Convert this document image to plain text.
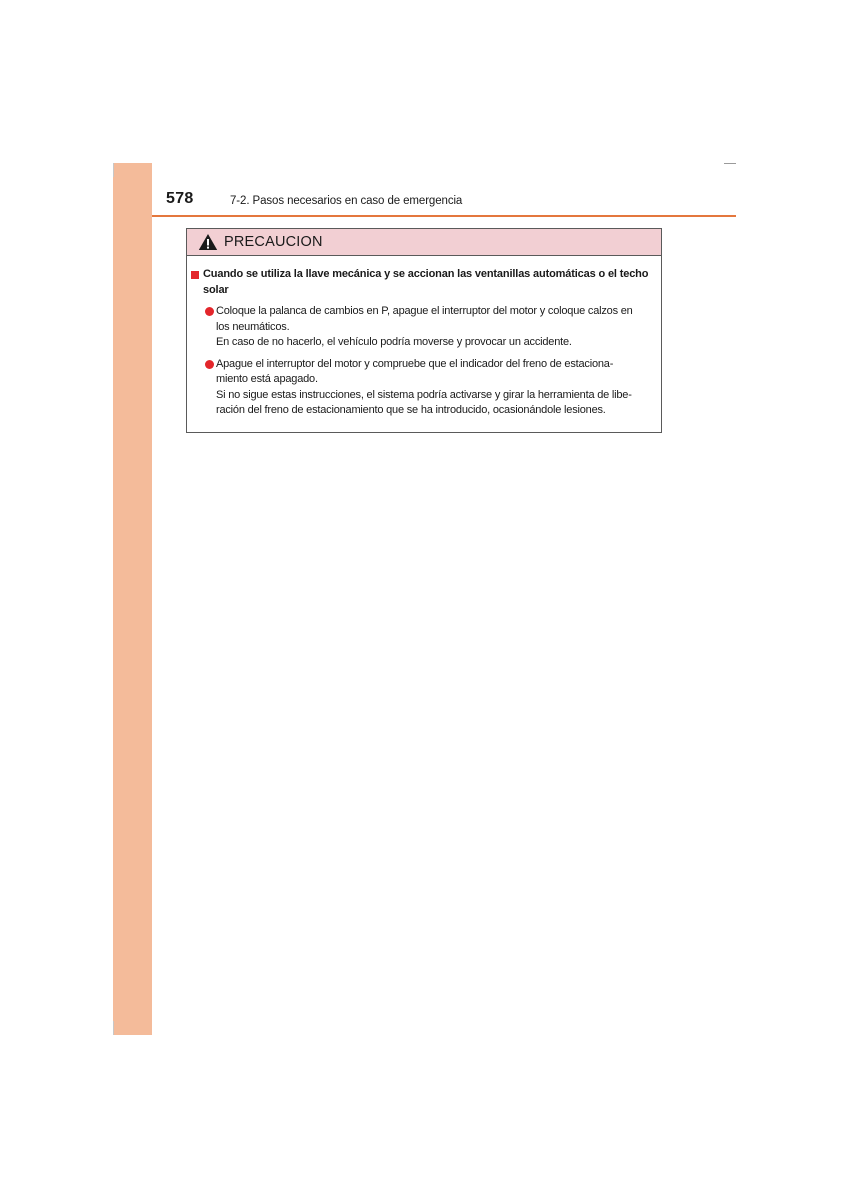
578	7-2. Pasos necesarios en caso de emergencia
PRECAUCION
Cuando se utiliza la llave mecánica y se accionan las ventanillas automáticas o el techo
solar
Coloque la palanca de cambios en P, apague el interruptor del motor y coloque calzos en
los neumáticos.
En caso de no hacerlo, el vehículo podría moverse y provocar un accidente.
Apague el interruptor del motor y compruebe que el indicador del freno de estaciona-
miento está apagado.
Si no sigue estas instrucciones, el sistema podría activarse y girar la herramienta de libe-
ración del freno de estacionamiento que se ha introducido, ocasionándole lesiones.
